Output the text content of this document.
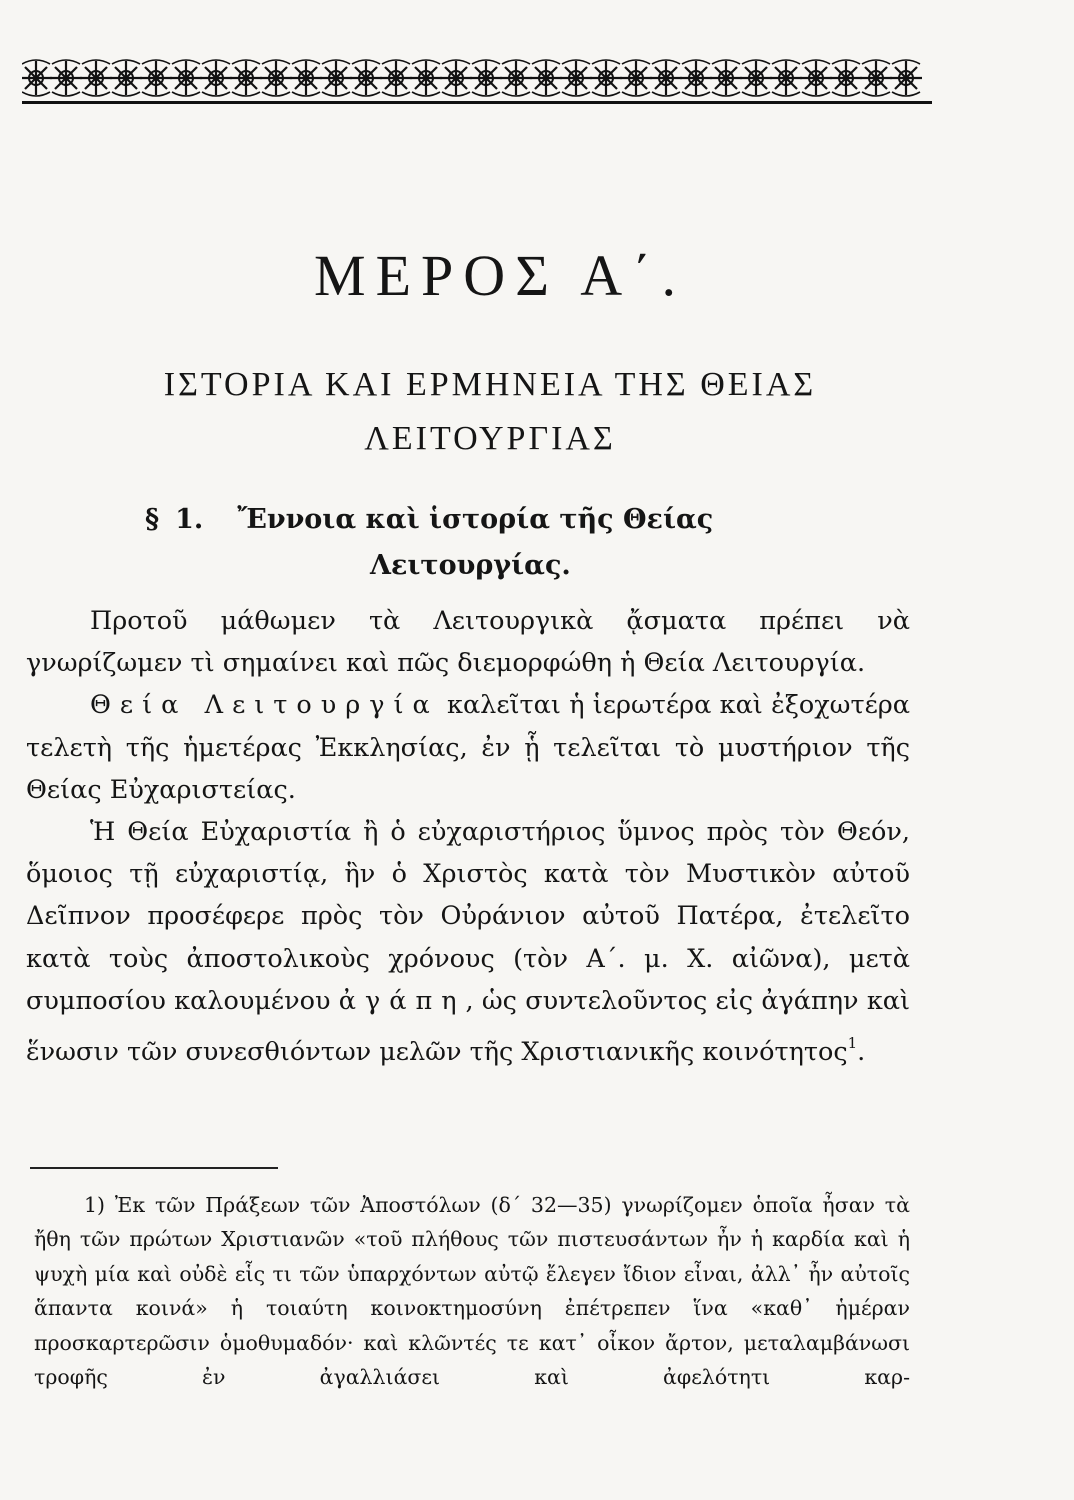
ΜΕΡΟΣ Α΄.
ΙΣΤΟΡΙΑ ΚΑΙ ΕΡΜΗΝΕΙΑ ΤΗΣ ΘΕΙΑΣ
ΛΕΙΤΟΥΡΓΙΑΣ
§ 1. Ἔννοια καὶ ἱστορία τῆς Θείας
Λειτουργίας.

Προτοῦ μάθωμεν τὰ Λειτουργικὰ ᾄσματα πρέπει νὰ γνωρίζωμεν τὶ σημαίνει καὶ πῶς διεμορφώθη ἡ Θεία Λειτουργία.

Θεία Λειτουργία καλεῖται ἡ ἱερωτέρα καὶ ἐξοχωτέρα τελετὴ τῆς ἡμετέρας Ἐκκλησίας, ἐν ᾗ τελεῖται τὸ μυστήριον τῆς Θείας Εὐχαριστείας.

Ἡ Θεία Εὐχαριστία ἢ ὁ εὐχαριστήριος ὕμνος πρὸς τὸν Θεόν, ὅμοιος τῇ εὐχαριστίᾳ, ἣν ὁ Χριστὸς κατὰ τὸν Μυστικὸν αὐτοῦ Δεῖπνον προσέφερε πρὸς τὸν Οὐράνιον αὐτοῦ Πατέρα, ἐτελεῖτο κατὰ τοὺς ἀποστολικοὺς χρόνους (τὸν Α΄. μ. Χ. αἰῶνα), μετὰ συμποσίου καλουμένου ἀγάπη, ὡς συντελοῦντος εἰς ἀγάπην καὶ ἕνωσιν τῶν συνεσθιόντων μελῶν τῆς Χριστιανικῆς κοινότητος$^1$.

1) Ἐκ τῶν Πράξεων τῶν Ἀποστόλων (δ΄ 32—35) γνωρίζομεν ὁποῖα ἦσαν τὰ ἤθη τῶν πρώτων Χριστιανῶν «τοῦ πλήθους τῶν πιστευσάντων ἦν ἡ καρδία καὶ ἡ ψυχὴ μία καὶ οὐδὲ εἷς τι τῶν ὑπαρχόντων αὐτῷ ἔλεγεν ἴδιον εἶναι, ἀλλ᾽ ἦν αὐτοῖς ἅπαντα κοινά» ἡ τοιαύτη κοινοκτημοσύνη ἐπέτρεπεν ἵνα «καθ᾽ ἡμέραν προσκαρτερῶσιν ὁμοθυμαδόν· καὶ κλῶντές τε κατ᾽ οἶκον ἄρτον, μεταλαμβάνωσι τροφῆς ἐν ἀγαλλιάσει καὶ ἀφελότητι καρ-
